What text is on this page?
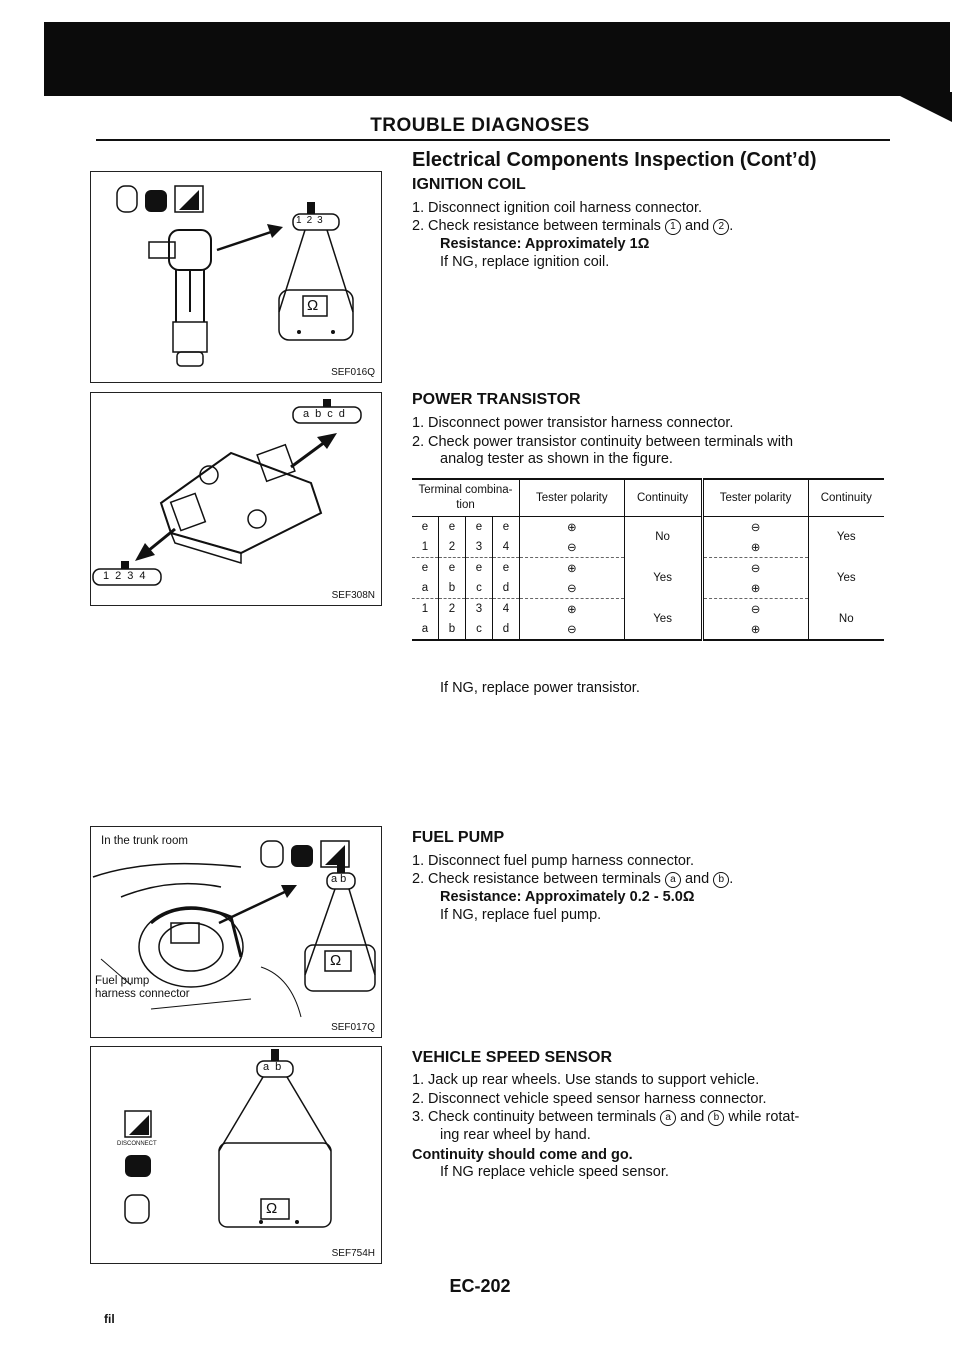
TROUBLE DIAGNOSES
Electrical Components Inspection (Cont’d)
IGNITION COIL
1. Disconnect ignition coil harness connector.
2. Check resistance between terminals 1 and 2 .
Resistance: Approximately 1Ω
If NG, replace ignition coil.
DISCONNECT
123
Ω
SEF016Q
POWER TRANSISTOR
1. Disconnect power transistor harness connector.
2. Check power transistor continuity between terminals with
analog tester as shown in the figure.
abcd
1234
SEF308N
Terminal combina-tion				Tester polarity	Continuity	Tester polarity	Continuity
e	e	e	e	⊕	No	⊖	Yes
1	2	3	4	⊖		⊕	
e	e	e	e	⊕	Yes	⊖	Yes
a	b	c	d	⊖		⊕	
1	2	3	4	⊕	Yes	⊖	No
a	b	c	d	⊖		⊕	
If NG, replace power transistor.
FUEL PUMP
1. Disconnect fuel pump harness connector.
2. Check resistance between terminals a and b .
Resistance: Approximately 0.2 - 5.0Ω
If NG, replace fuel pump.
In the trunk room	DISCONNECT
Fuel pump
harness connector
ab
Ω
SEF017Q
VEHICLE SPEED SENSOR
1. Jack up rear wheels. Use stands to support vehicle.
2. Disconnect vehicle speed sensor harness connector.
3. Check continuity between terminals a and b while rotat-
ing rear wheel by hand.
Continuity should come and go.
If NG replace vehicle speed sensor.
DISCONNECT
ab
Ω
SEF754H
EC-202
fil
